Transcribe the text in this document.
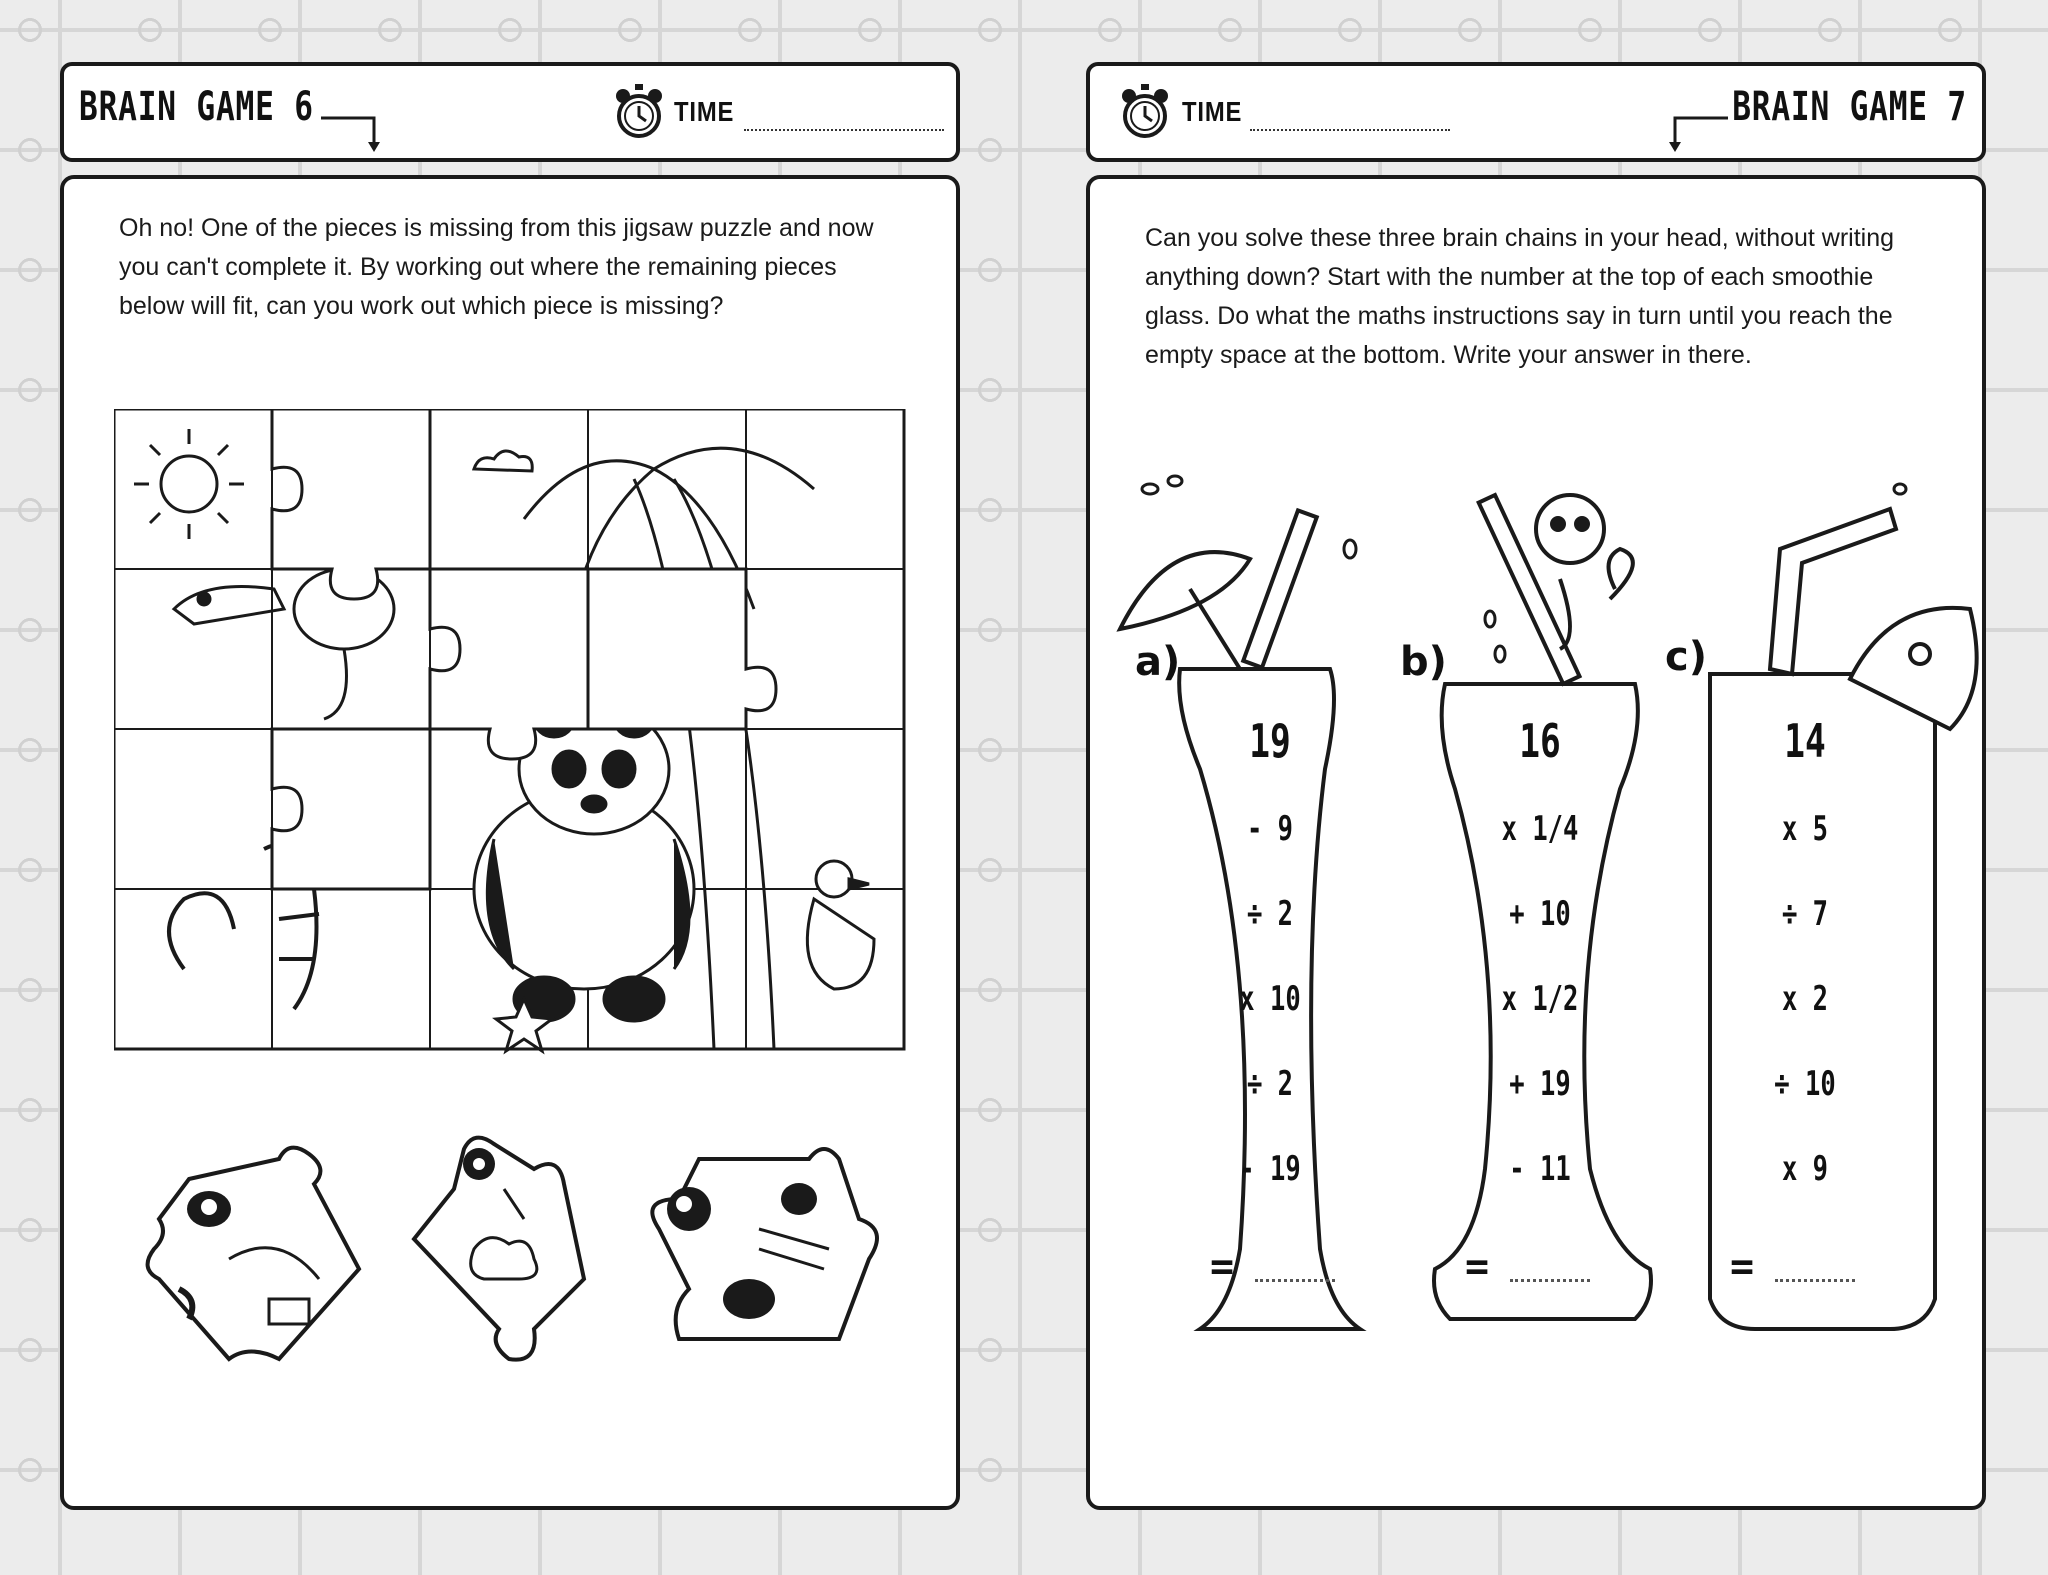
BRAIN GAME 6	TIME
Oh no! One of the pieces is missing from this jigsaw puzzle and now you can't complete it. By working out where the remaining pieces below will fit, can you work out which piece is missing?
TIME	BRAIN GAME 7
Can you solve these three brain chains in your head, without writing anything down? Start with the number at the top of each smoothie glass. Do what the maths instructions say in turn until you reach the empty space at the bottom. Write your answer in there.
a)
19
- 9
÷ 2
x 10
÷ 2
- 19
=
b)
16
x 1/4
+ 10
x 1/2
+ 19
- 11
=
c)
14
x 5
÷ 7
x 2
÷ 10
x 9
=
